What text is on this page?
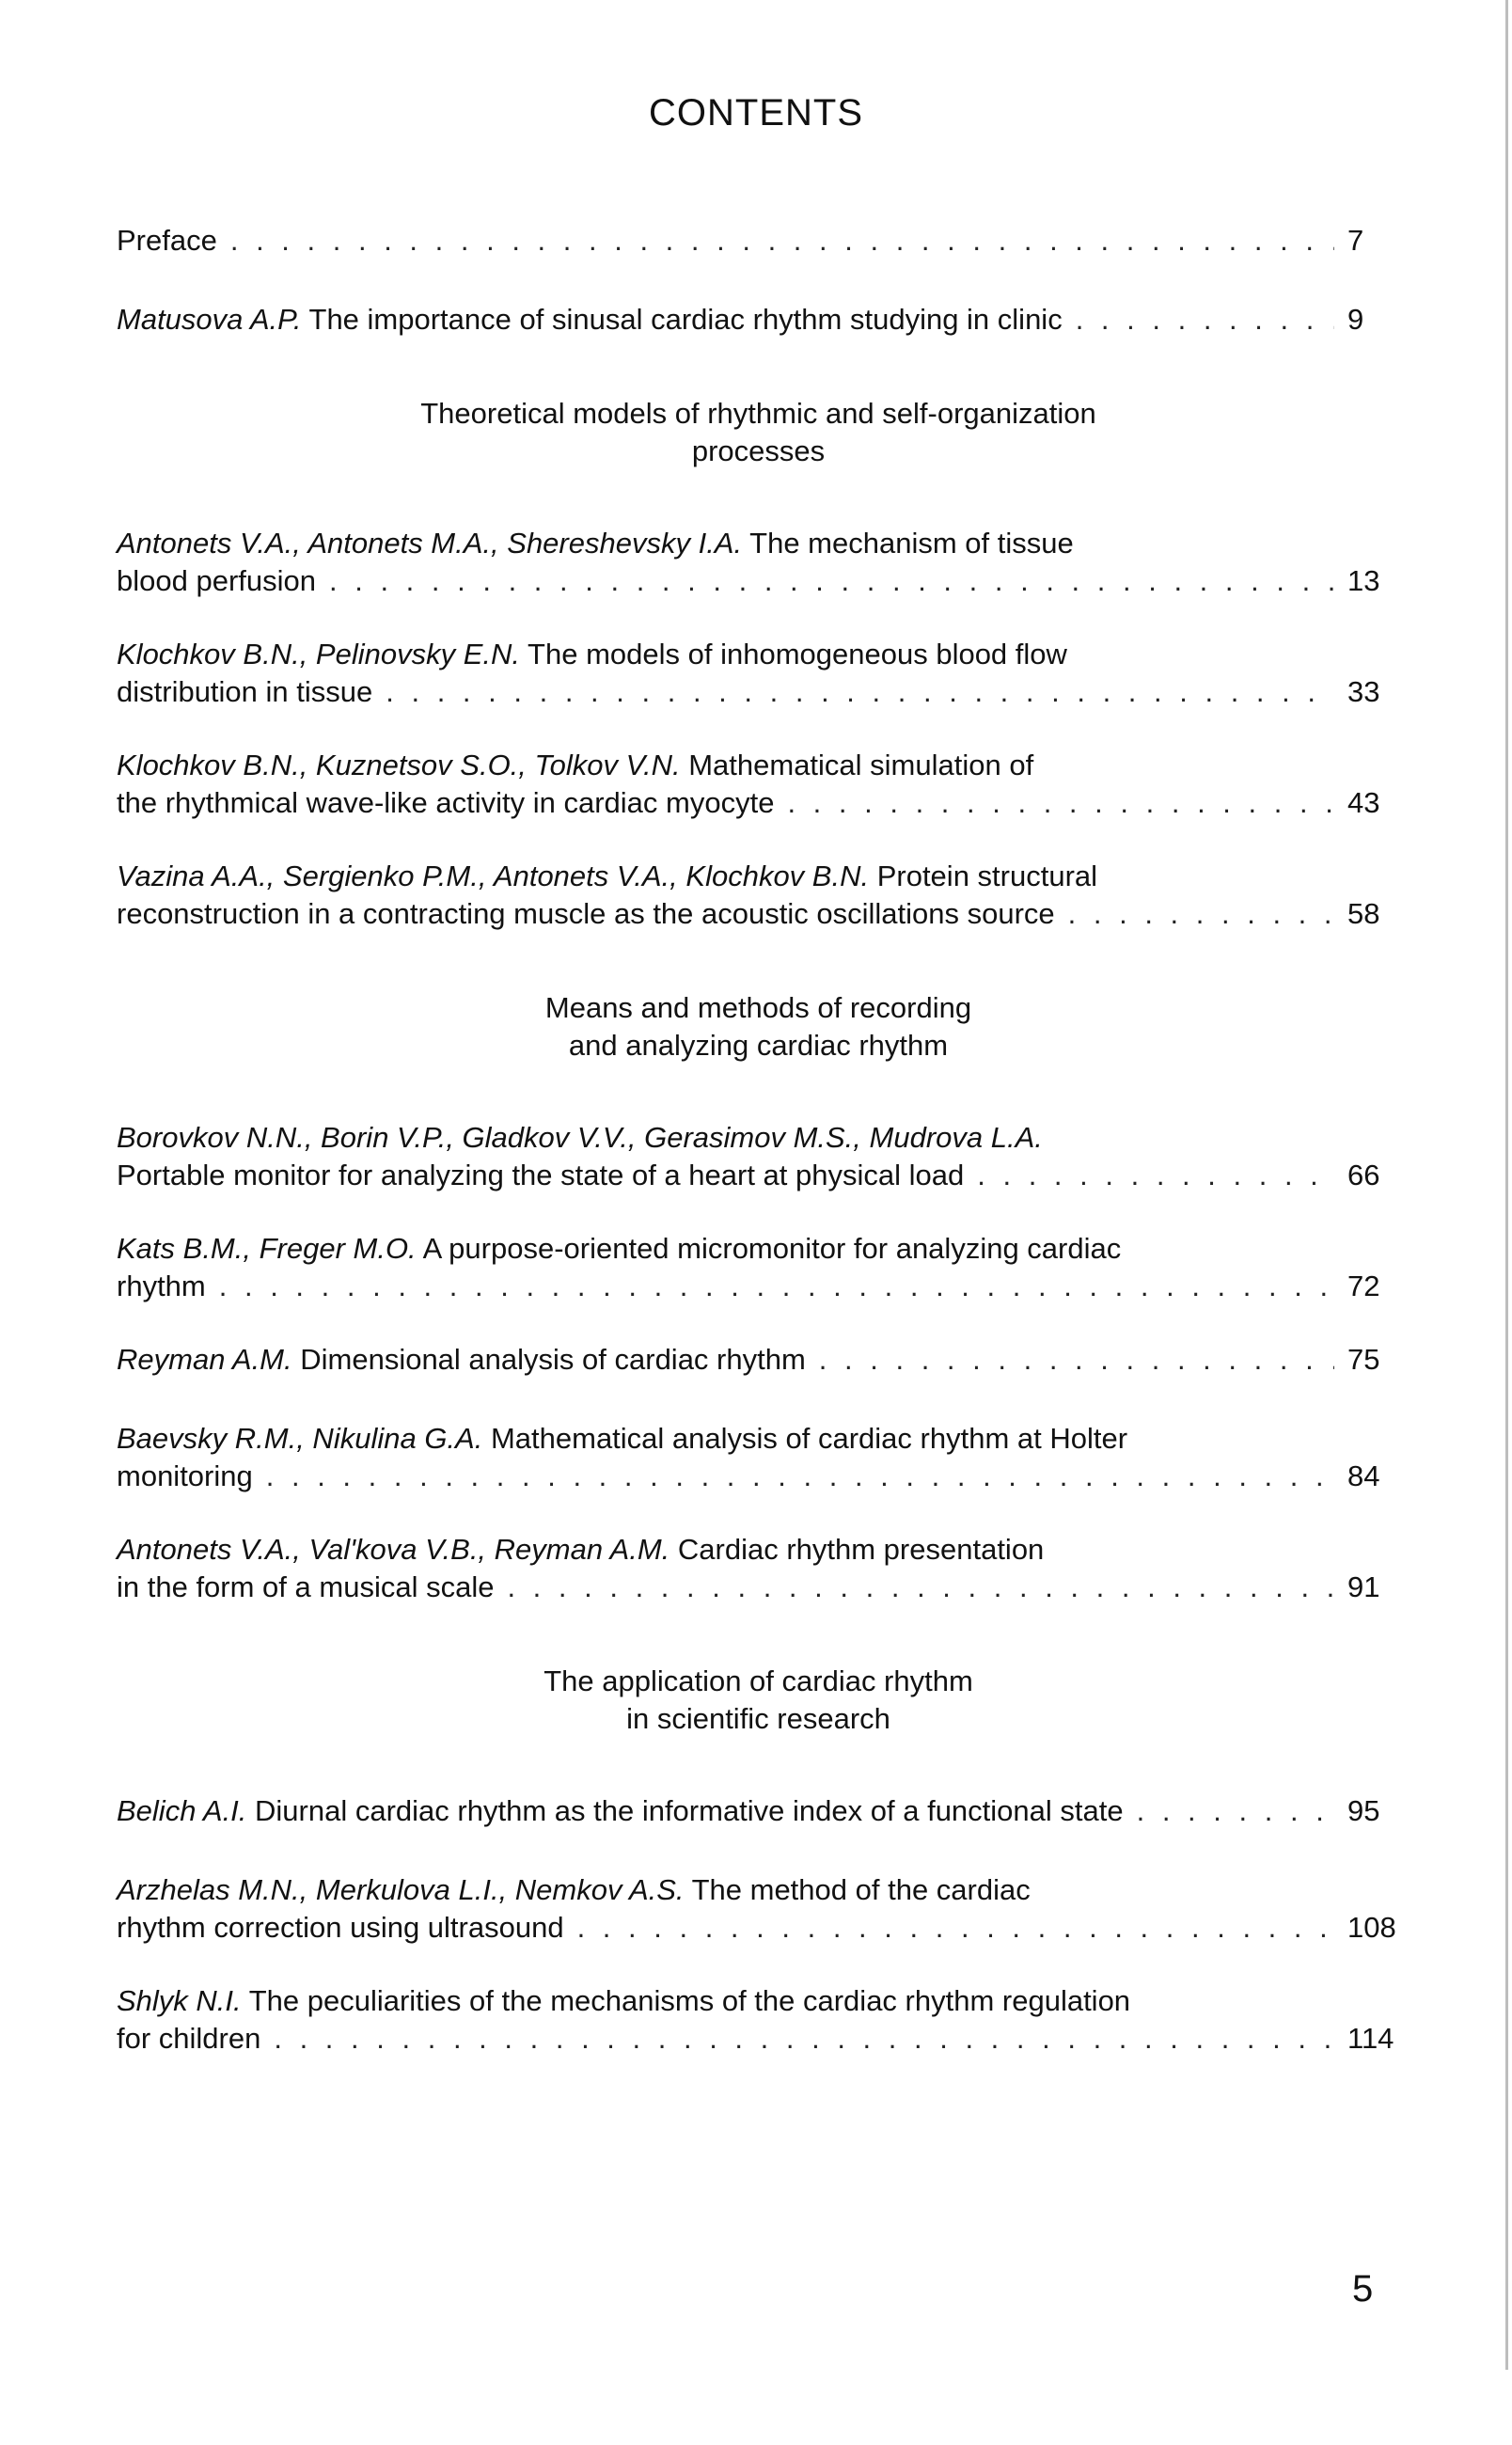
CONTENTS
Preface . . .	7
Matusova A.P. The importance of sinusal cardiac rhythm studying in clinic . . .	9
Theoretical models of rhythmic and self-organization
processes
Antonets V.A., Antonets M.A., Shereshevsky I.A. The mechanism of tissue
blood perfusion . . .	13
Klochkov B.N., Pelinovsky E.N. The models of inhomogeneous blood flow
distribution in tissue . . .	33
Klochkov B.N., Kuznetsov S.O., Tolkov V.N. Mathematical simulation of
the rhythmical wave-like activity in cardiac myocyte . . .	43
Vazina A.A., Sergienko P.M., Antonets V.A., Klochkov B.N. Protein structural
reconstruction in a contracting muscle as the acoustic oscillations source . . .	58
Means and methods of recording
and analyzing cardiac rhythm
Borovkov N.N., Borin V.P., Gladkov V.V., Gerasimov M.S., Mudrova L.A.
Portable monitor for analyzing the state of a heart at physical load . . .	66
Kats B.M., Freger M.O. A purpose-oriented micromonitor for analyzing cardiac
rhythm . . .	72
Reyman A.M. Dimensional analysis of cardiac rhythm . . .	75
Baevsky R.M., Nikulina G.A. Mathematical analysis of cardiac rhythm at Holter
monitoring . . .	84
Antonets V.A., Val'kova V.B., Reyman A.M. Cardiac rhythm presentation
in the form of a musical scale . . .	91
The application of cardiac rhythm
in scientific research
Belich A.I. Diurnal cardiac rhythm as the informative index of a functional state . . .	95
Arzhelas M.N., Merkulova L.I., Nemkov A.S. The method of the cardiac
rhythm correction using ultrasound . . .	108
Shlyk N.I. The peculiarities of the mechanisms of the cardiac rhythm regulation
for children . . .	114
5
